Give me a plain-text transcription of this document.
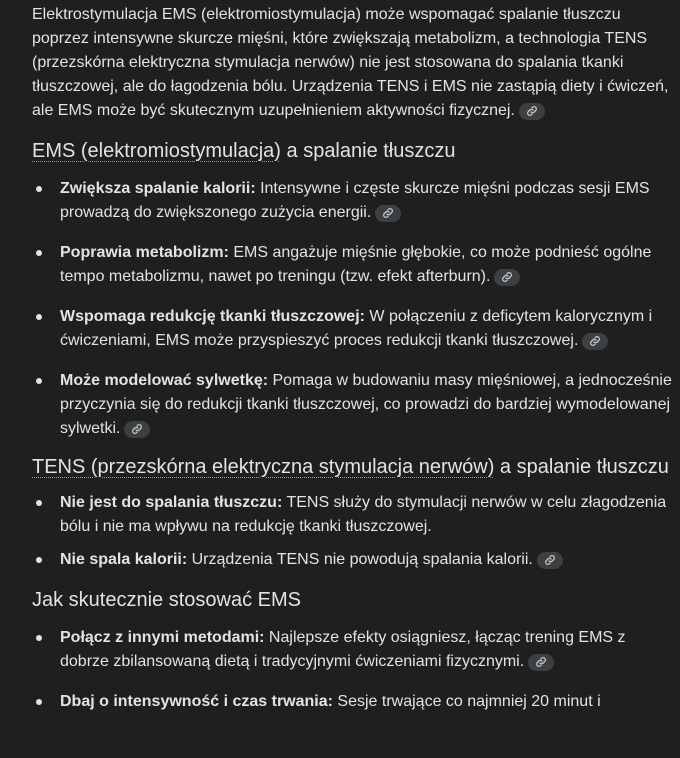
Elektrostymulacja EMS (elektromiostymulacja) może wspomagać spalanie tłuszczu poprzez intensywne skurcze mięśni, które zwiększają metabolizm, a technologia TENS (przezskórna elektryczna stymulacja nerwów) nie jest stosowana do spalania tkanki tłuszczowej, ale do łagodzenia bólu. Urządzenia TENS i EMS nie zastąpią diety i ćwiczeń, ale EMS może być skutecznym uzupełnieniem aktywności fizycznej.

EMS (elektromiostymulacja) a spalanie tłuszczu
Zwiększa spalanie kalorii: Intensywne i częste skurcze mięśni podczas sesji EMS prowadzą do zwiększonego zużycia energii.
Poprawia metabolizm: EMS angażuje mięśnie głębokie, co może podnieść ogólne tempo metabolizmu, nawet po treningu (tzw. efekt afterburn).
Wspomaga redukcję tkanki tłuszczowej: W połączeniu z deficytem kalorycznym i ćwiczeniami, EMS może przyspieszyć proces redukcji tkanki tłuszczowej.
Może modelować sylwetkę: Pomaga w budowaniu masy mięśniowej, a jednocześnie przyczynia się do redukcji tkanki tłuszczowej, co prowadzi do bardziej wymodelowanej sylwetki.
TENS (przezskórna elektryczna stymulacja nerwów) a spalanie tłuszczu
Nie jest do spalania tłuszczu: TENS służy do stymulacji nerwów w celu złagodzenia bólu i nie ma wpływu na redukcję tkanki tłuszczowej.
Nie spala kalorii: Urządzenia TENS nie powodują spalania kalorii.
Jak skutecznie stosować EMS
Połącz z innymi metodami: Najlepsze efekty osiągniesz, łącząc trening EMS z dobrze zbilansowaną dietą i tradycyjnymi ćwiczeniami fizycznymi.
Dbaj o intensywność i czas trwania: Sesje trwające co najmniej 20 minut i
